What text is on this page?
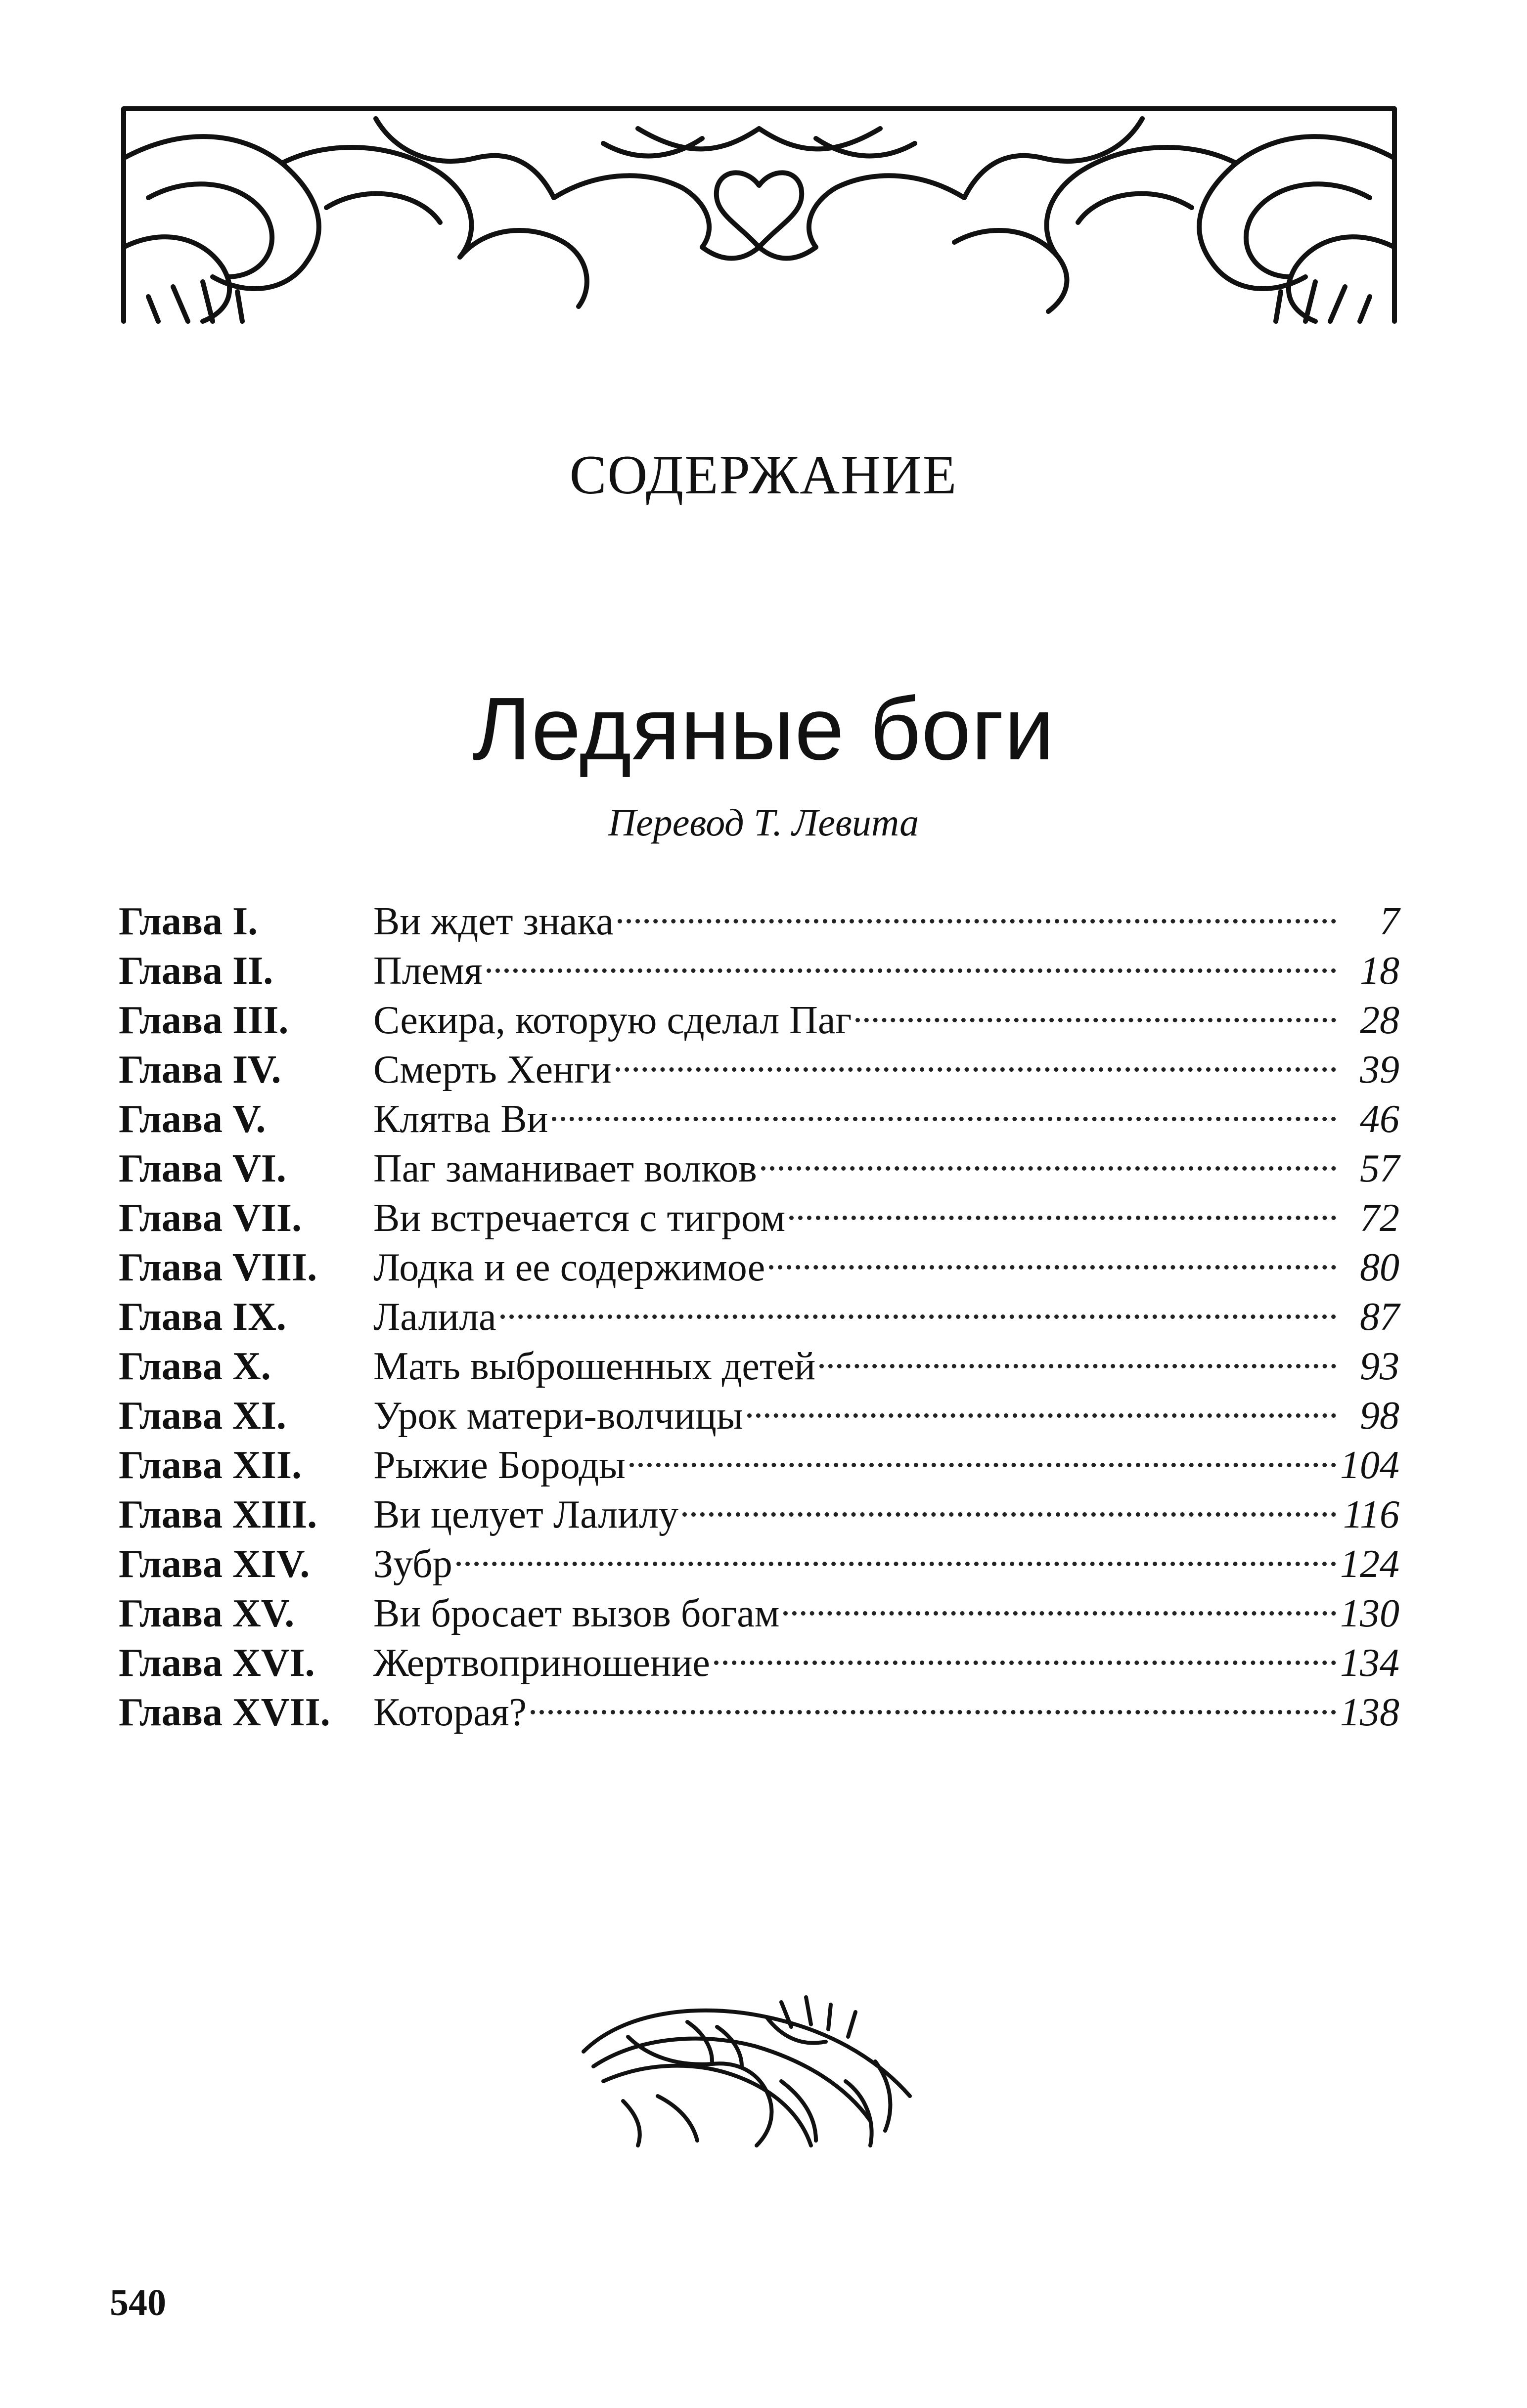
СОДЕРЖАНИЕ
Ледяные боги
Перевод Т. Левита
Глава I.	Ви ждет знака	7
Глава II.	Племя	18
Глава III.	Секира, которую сделал Паг	28
Глава IV.	Смерть Хенги	39
Глава V.	Клятва Ви	46
Глава VI.	Паг заманивает волков	57
Глава VII.	Ви встречается с тигром	72
Глава VIII.	Лодка и ее содержимое	80
Глава IX.	Лалила	87
Глава X.	Мать выброшенных детей	93
Глава XI.	Урок матери-волчицы	98
Глава XII.	Рыжие Бороды	104
Глава XIII.	Ви целует Лалилу	116
Глава XIV.	Зубр	124
Глава XV.	Ви бросает вызов богам	130
Глава XVI.	Жертвоприношение	134
Глава XVII.	Которая?	138
540
